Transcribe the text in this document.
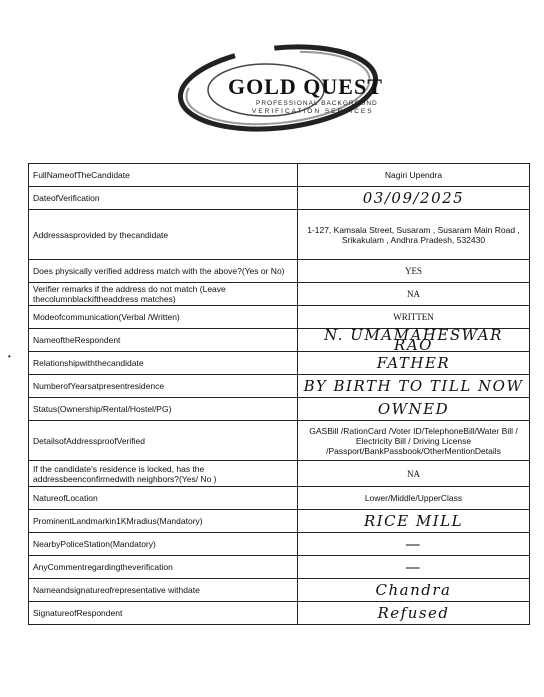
GOLD QUEST
PROFESSIONAL BACKGROUND
VERIFICATION SERVICES
•
FullNameofTheCandidate	Nagiri Upendra
DateofVerification	03/09/2025
Addressasprovided by thecandidate	1-127, Kamsala Street, Susaram , Susaram Main Road , Srikakulam , Andhra Pradesh, 532430
Does physically verified address match with the above?(Yes or No)	YES
Verifier remarks if the address do not match (Leave thecolumnblackiftheaddress matches)	NA
Modeofcommunication(Verbal /Written)	WRITTEN
NameoftheRespondent	N. UMAMAHESWAR RAO
Relationshipwiththecandidate	FATHER
NumberofYearsatpresentresidence	BY BIRTH TO TILL NOW
Status(Ownership/Rental/Hostel/PG)	OWNED
DetailsofAddressproofVerified	GASBill /RationCard /Voter ID/TelephoneBill/Water Bill / Electricity Bill / Driving License /Passport/BankPassbook/OtherMentionDetails
If the candidate's residence is locked, has the addressbeenconfirmedwith neighbors?(Yes/ No )	NA
NatureofLocation	Lower/Middle/UpperClass
ProminentLandmarkin1KMradius(Mandatory)	RICE MILL
NearbyPoliceStation(Mandatory)	—
AnyCommentregardingtheverification	—
Nameandsignatureofrepresentative withdate	Chandra
SignatureofRespondent	Refused
